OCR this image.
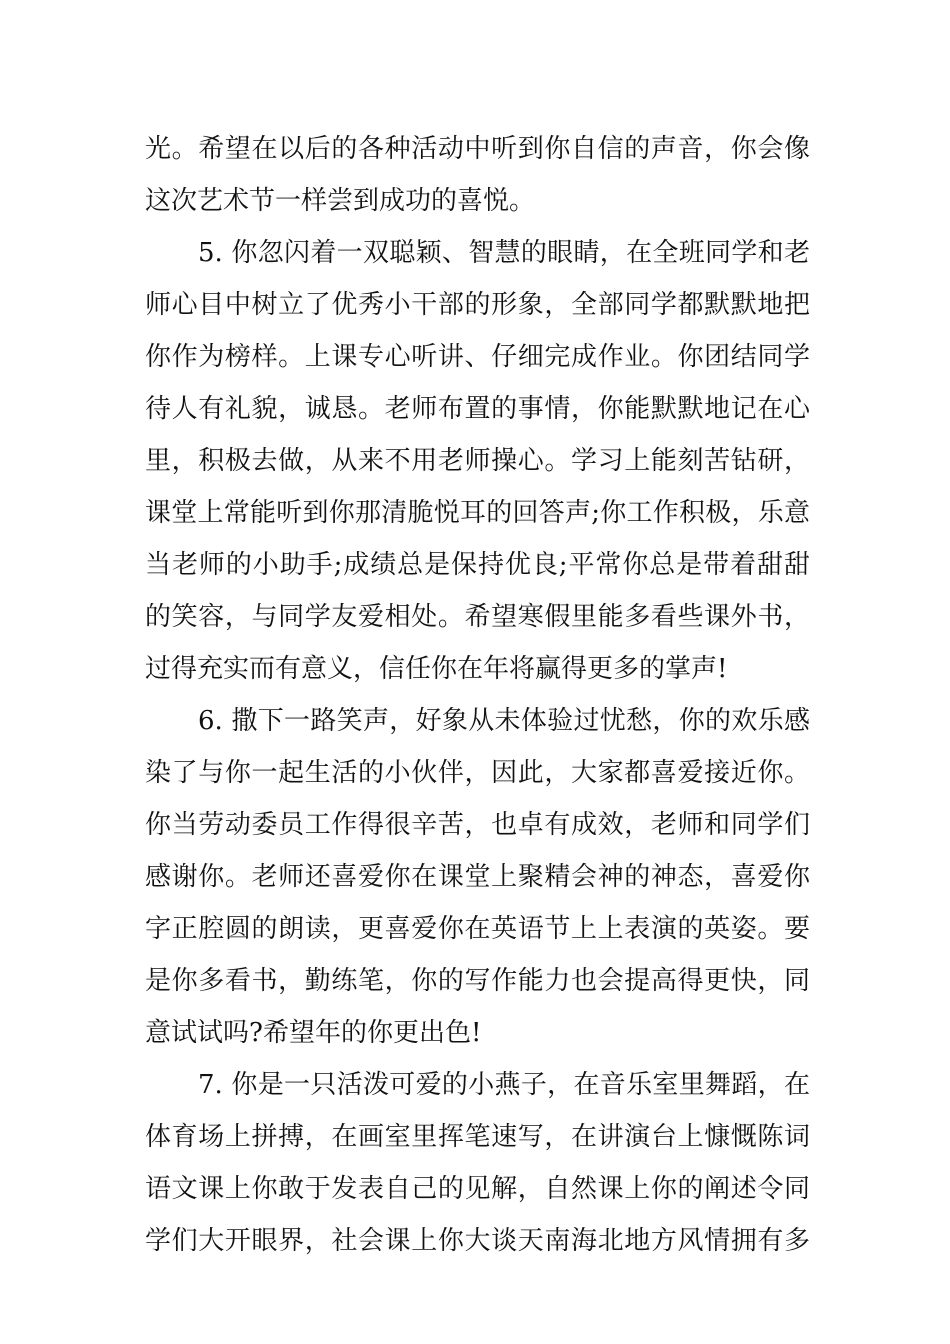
光。希望在以后的各种活动中听到你自信的声音，你会像
这次艺术节一样尝到成功的喜悦。
5. 你忽闪着一双聪颖、智慧的眼睛，在全班同学和老
师心目中树立了优秀小干部的形象，全部同学都默默地把
你作为榜样。上课专心听讲、仔细完成作业。你团结同学
待人有礼貌，诚恳。老师布置的事情，你能默默地记在心
里，积极去做，从来不用老师操心。学习上能刻苦钻研，
课堂上常能听到你那清脆悦耳的回答声;你工作积极，乐意
当老师的小助手;成绩总是保持优良;平常你总是带着甜甜
的笑容，与同学友爱相处。希望寒假里能多看些课外书，
过得充实而有意义，信任你在年将赢得更多的掌声!
6. 撒下一路笑声，好象从未体验过忧愁，你的欢乐感
染了与你一起生活的小伙伴，因此，大家都喜爱接近你。
你当劳动委员工作得很辛苦，也卓有成效，老师和同学们
感谢你。老师还喜爱你在课堂上聚精会神的神态，喜爱你
字正腔圆的朗读，更喜爱你在英语节上上表演的英姿。要
是你多看书，勤练笔，你的写作能力也会提高得更快，同
意试试吗?希望年的你更出色!
7. 你是一只活泼可爱的小燕子，在音乐室里舞蹈，在
体育场上拼搏，在画室里挥笔速写，在讲演台上慷慨陈词
语文课上你敢于发表自己的见解，自然课上你的阐述令同
学们大开眼界，社会课上你大谈天南海北地方风情拥有多
